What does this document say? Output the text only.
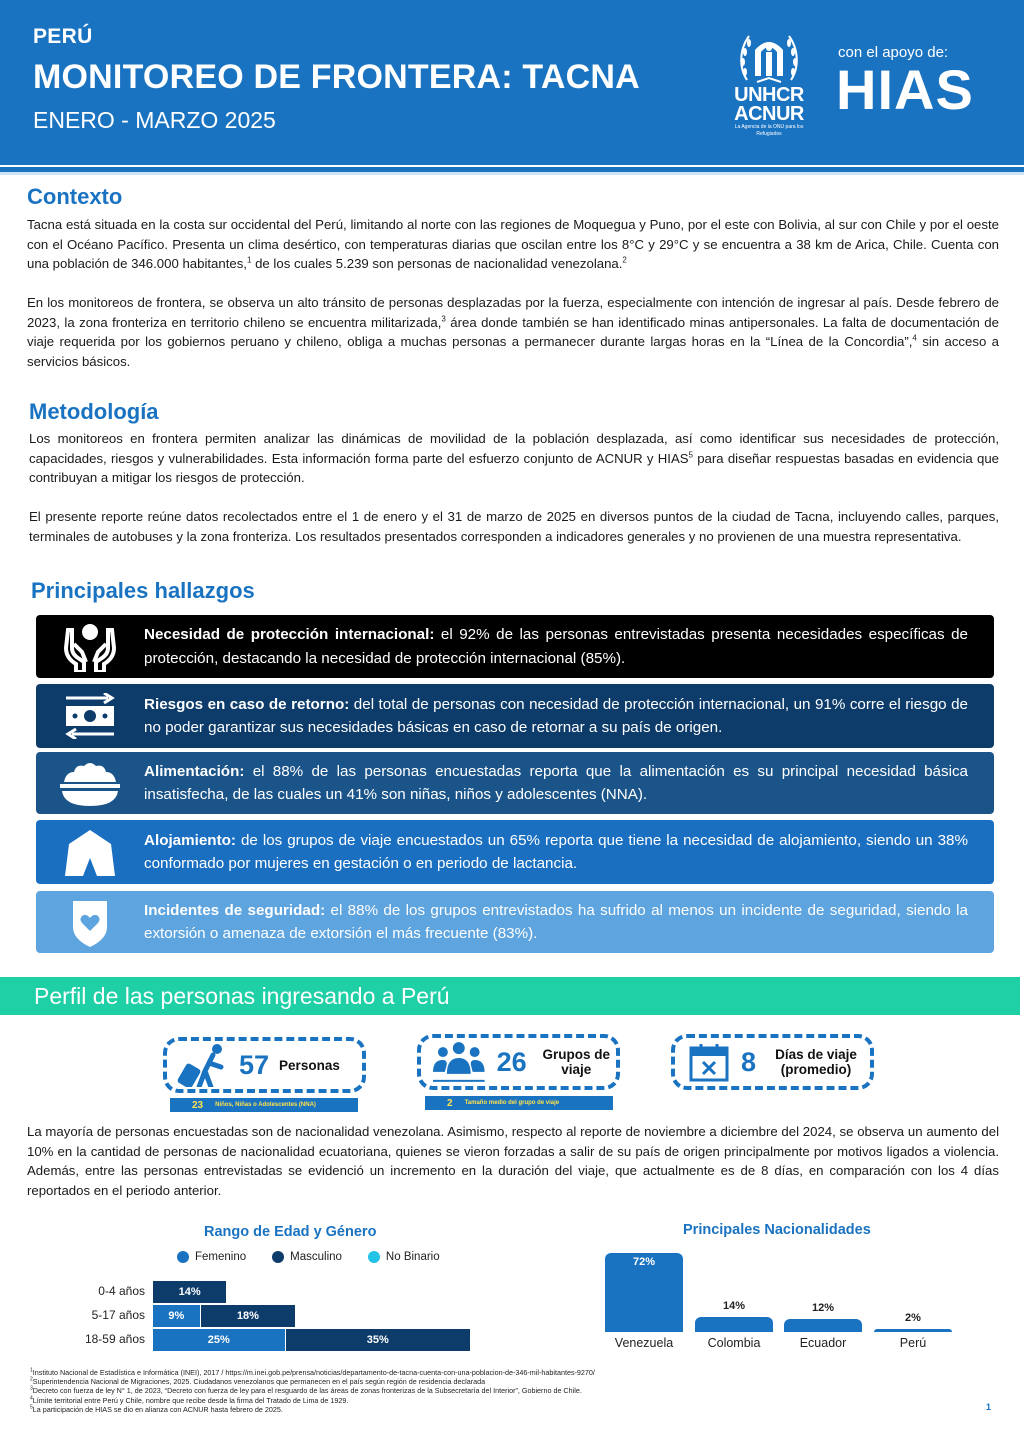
PERÚ
MONITOREO DE FRONTERA: TACNA
ENERO - MARZO 2025
UNHCR
ACNUR
La Agencia de la ONU para los Refugiados
con el apoyo de:
HIAS
Contexto
Tacna está situada en la costa sur occidental del Perú, limitando al norte con las regiones de Moquegua y Puno, por el este con Bolivia, al sur con Chile y por el oeste con el Océano Pacífico. Presenta un clima desértico, con temperaturas diarias que oscilan entre los 8°C y 29°C y se encuentra a 38 km de Arica, Chile. Cuenta con una población de 346.000 habitantes,$^1$ de los cuales 5.239 son personas de nacionalidad venezolana.$^2$
En los monitoreos de frontera, se observa un alto tránsito de personas desplazadas por la fuerza, especialmente con intención de ingresar al país. Desde febrero de 2023, la zona fronteriza en territorio chileno se encuentra militarizada,$^3$ área donde también se han identificado minas antipersonales. La falta de documentación de viaje requerida por los gobiernos peruano y chileno, obliga a muchas personas a permanecer durante largas horas en la “Línea de la Concordia”,$^4$ sin acceso a servicios básicos.
Metodología
Los monitoreos en frontera permiten analizar las dinámicas de movilidad de la población desplazada, así como identificar sus necesidades de protección, capacidades, riesgos y vulnerabilidades. Esta información forma parte del esfuerzo conjunto de ACNUR y HIAS$^5$ para diseñar respuestas basadas en evidencia que contribuyan a mitigar los riesgos de protección.
El presente reporte reúne datos recolectados entre el 1 de enero y el 31 de marzo de 2025 en diversos puntos de la ciudad de Tacna, incluyendo calles, parques, terminales de autobuses y la zona fronteriza. Los resultados presentados corresponden a indicadores generales y no provienen de una muestra representativa.
Principales hallazgos
Necesidad de protección internacional: el 92% de las personas entrevistadas presenta necesidades específicas de protección, destacando la necesidad de protección internacional (85%).
Riesgos en caso de retorno: del total de personas con necesidad de protección internacional, un 91% corre el riesgo de no poder garantizar sus necesidades básicas en caso de retornar a su país de origen.
Alimentación: el 88% de las personas encuestadas reporta que la alimentación es su principal necesidad básica insatisfecha, de las cuales un 41% son niñas, niños y adolescentes (NNA).
Alojamiento: de los grupos de viaje encuestados un 65% reporta que tiene la necesidad de alojamiento, siendo un 38% conformado por mujeres en gestación o en periodo de lactancia.
Incidentes de seguridad: el 88% de los grupos entrevistados ha sufrido al menos un incidente de seguridad, siendo la extorsión o amenaza de extorsión el más frecuente (83%).
Perfil de las personas ingresando a Perú
57 Personas
23 Niños, Niñas o Adolescentes (NNA)
26	Grupos de viaje
2 Tamaño medio del grupo de viaje
8	Días de viaje (promedio)
La mayoría de personas encuestadas son de nacionalidad venezolana. Asimismo, respecto al reporte de noviembre a diciembre del 2024, se observa un aumento del 10% en la cantidad de personas de nacionalidad ecuatoriana, quienes se vieron forzadas a salir de su país de origen principalmente por motivos ligados a violencia. Además, entre las personas entrevistadas se evidenció un incremento en la duración del viaje, que actualmente es de 8 días, en comparación con los 4 días reportados en el periodo anterior.
Rango de Edad y Género
Femenino	Masculino	No Binario
0-4 años	14%
5-17 años	9%	18%
18-59 años	25%	35%
Principales Nacionalidades
72%
Venezuela
14%
Colombia
12%
Ecuador
2%
Perú
$^1$Instituto Nacional de Estadística e Informática (INEI), 2017 / https://m.inei.gob.pe/prensa/noticias/departamento-de-tacna-cuenta-con-una-poblacion-de-346-mil-habitantes-9270/
$^2$Superintendencia Nacional de Migraciones, 2025. Ciudadanos venezolanos que permanecen en el país según región de residencia declarada
$^3$Decreto con fuerza de ley N° 1, de 2023, “Decreto con fuerza de ley para el resguardo de las áreas de zonas fronterizas de la Subsecretaría del Interior”, Gobierno de Chile.
$^4$Límite territorial entre Perú y Chile, nombre que recibe desde la firma del Tratado de Lima de 1929.
$^5$La participación de HIAS se dio en alianza con ACNUR hasta febrero de 2025.	1
